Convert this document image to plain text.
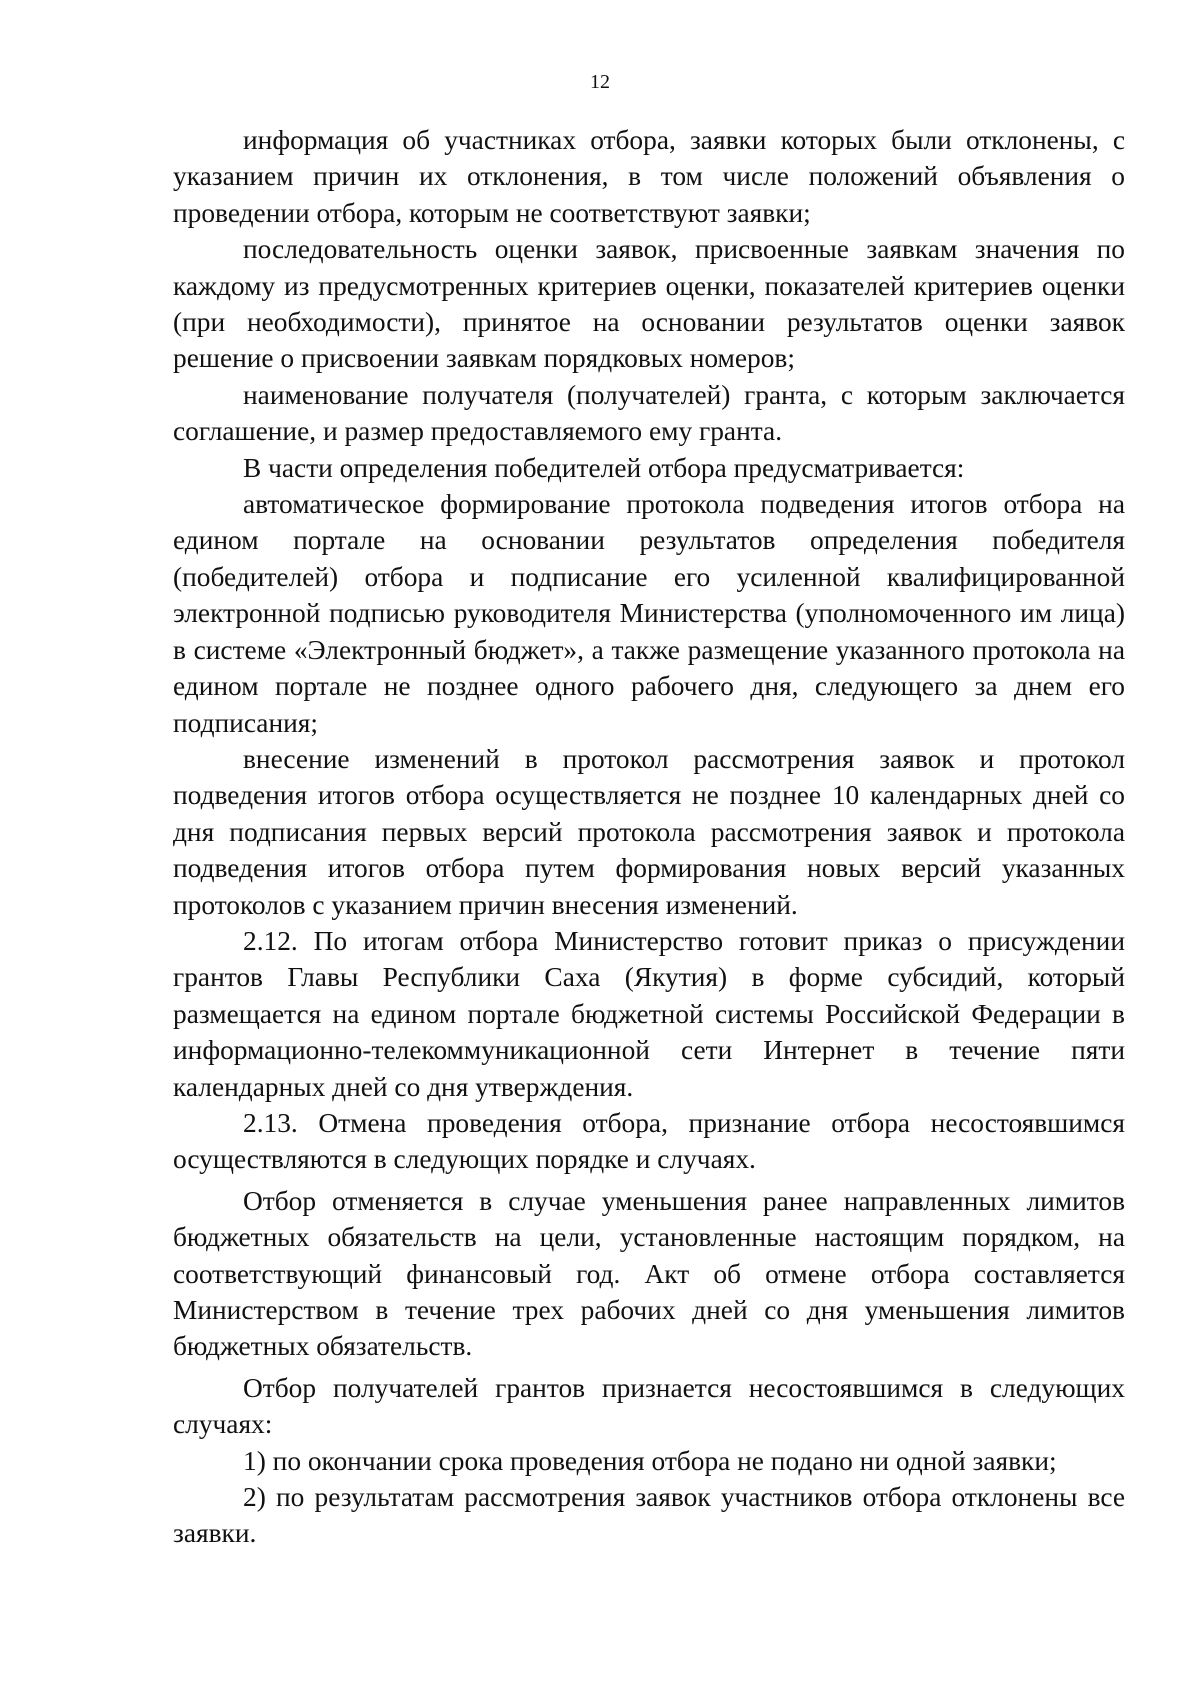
12

информация об участниках отбора, заявки которых были отклонены, с указанием причин их отклонения, в том числе положений объявления о проведении отбора, которым не соответствуют заявки;

последовательность оценки заявок, присвоенные заявкам значения по каждому из предусмотренных критериев оценки, показателей критериев оценки (при необходимости), принятое на основании результатов оценки заявок решение о присвоении заявкам порядковых номеров;

наименование получателя (получателей) гранта, с которым заключается соглашение, и размер предоставляемого ему гранта.

В части определения победителей отбора предусматривается:

автоматическое формирование протокола подведения итогов отбора на едином портале на основании результатов определения победителя (победителей) отбора и подписание его усиленной квалифицированной электронной подписью руководителя Министерства (уполномоченного им лица) в системе «Электронный бюджет», а также размещение указанного протокола на едином портале не позднее одного рабочего дня, следующего за днем его подписания;

внесение изменений в протокол рассмотрения заявок и протокол подведения итогов отбора осуществляется не позднее 10 календарных дней со дня подписания первых версий протокола рассмотрения заявок и протокола подведения итогов отбора путем формирования новых версий указанных протоколов с указанием причин внесения изменений.

2.12. По итогам отбора Министерство готовит приказ о присуждении грантов Главы Республики Саха (Якутия) в форме субсидий, который размещается на едином портале бюджетной системы Российской Федерации в информационно-телекоммуникационной сети Интернет в течение пяти календарных дней со дня утверждения.

2.13. Отмена проведения отбора, признание отбора несостоявшимся осуществляются в следующих порядке и случаях.

Отбор отменяется в случае уменьшения ранее направленных лимитов бюджетных обязательств на цели, установленные настоящим порядком, на соответствующий финансовый год. Акт об отмене отбора составляется Министерством в течение трех рабочих дней со дня уменьшения лимитов бюджетных обязательств.

Отбор получателей грантов признается несостоявшимся в следующих случаях:

1) по окончании срока проведения отбора не подано ни одной заявки;

2) по результатам рассмотрения заявок участников отбора отклонены все заявки.
